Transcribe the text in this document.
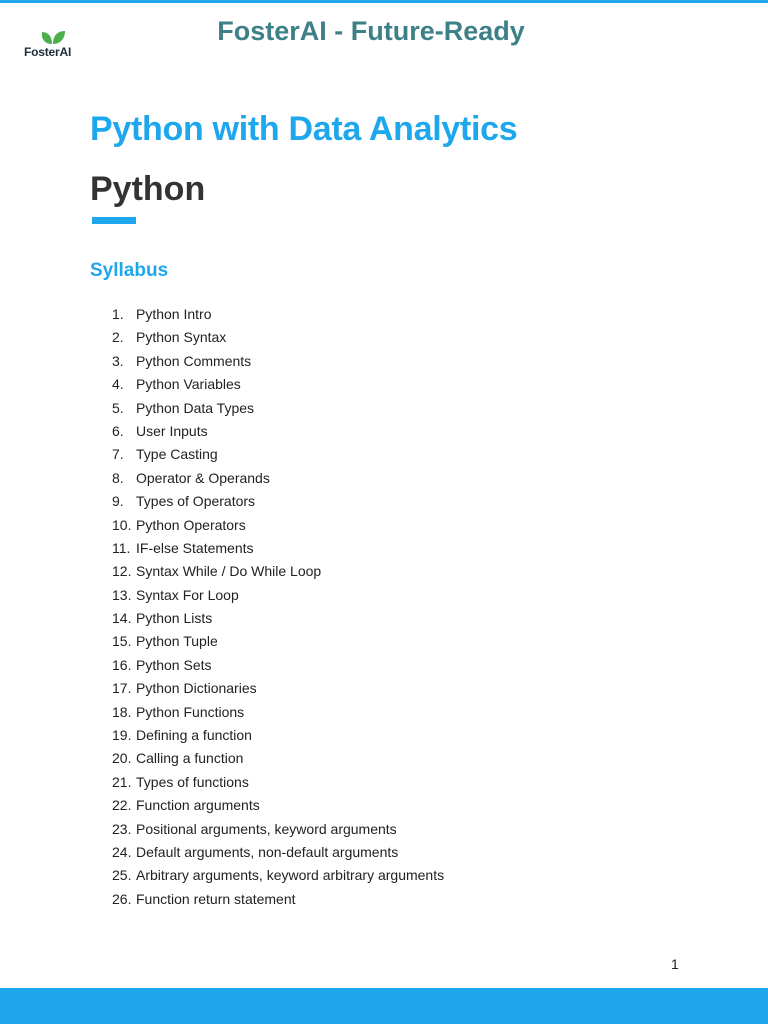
FosterAI
FosterAI - Future-Ready
Python with Data Analytics
Python
Syllabus
1. Python Intro
2. Python Syntax
3. Python Comments
4. Python Variables
5. Python Data Types
6. User Inputs
7. Type Casting
8. Operator & Operands
9. Types of Operators
10. Python Operators
11. IF-else Statements
12. Syntax While / Do While Loop
13. Syntax For Loop
14. Python Lists
15. Python Tuple
16. Python Sets
17. Python Dictionaries
18. Python Functions
19. Defining a function
20. Calling a function
21. Types of functions
22. Function arguments
23. Positional arguments, keyword arguments
24. Default arguments, non-default arguments
25. Arbitrary arguments, keyword arbitrary arguments
26. Function return statement
1
